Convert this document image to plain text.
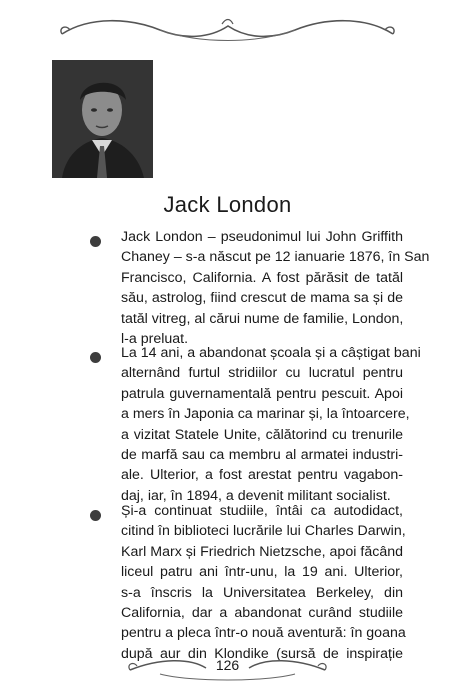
Jack London
Jack London – pseudonimul lui John Griffith
Chaney – s-a născut pe 12 ianuarie 1876, în San
Francisco, California. A fost părăsit de tatăl
său, astrolog, fiind crescut de mama sa și de
tatăl vitreg, al cărui nume de familie, London,
l-a preluat.
La 14 ani, a abandonat școala și a câștigat bani
alternând furtul stridiilor cu lucratul pentru
patrula guvernamentală pentru pescuit. Apoi
a mers în Japonia ca marinar și, la întoarcere,
a vizitat Statele Unite, călătorind cu trenurile
de marfă sau ca membru al armatei industri-
ale. Ulterior, a fost arestat pentru vagabon-
daj, iar, în 1894, a devenit militant socialist.
Și-a continuat studiile, întâi ca autodidact,
citind în biblioteci lucrările lui Charles Darwin,
Karl Marx și Friedrich Nietzsche, apoi făcând
liceul patru ani într-unu, la 19 ani. Ulterior,
s-a înscris la Universitatea Berkeley, din
California, dar a abandonat curând studiile
pentru a pleca într-o nouă aventură: în goana
după aur din Klondike (sursă de inspirație
126
